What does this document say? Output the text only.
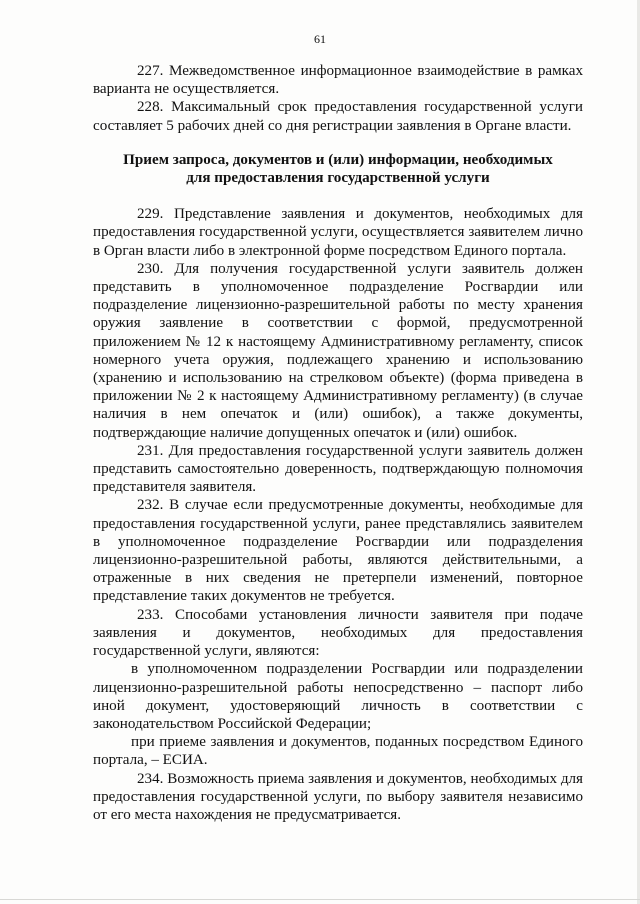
61

227. Межведомственное информационное взаимодействие в рамках варианта не осуществляется.

228. Максимальный срок предоставления государственной услуги составляет 5 рабочих дней со дня регистрации заявления в Органе власти.

Прием запроса, документов и (или) информации, необходимых
для предоставления государственной услуги

229. Представление заявления и документов, необходимых для предоставления государственной услуги, осуществляется заявителем лично в Орган власти либо в электронной форме посредством Единого портала.

230. Для получения государственной услуги заявитель должен представить в уполномоченное подразделение Росгвардии или подразделение лицензионно-разрешительной работы по месту хранения оружия заявление в соответствии с формой, предусмотренной приложением № 12 к настоящему Административному регламенту, список номерного учета оружия, подлежащего хранению и использованию (хранению и использованию на стрелковом объекте) (форма приведена в приложении № 2 к настоящему Административному регламенту) (в случае наличия в нем опечаток и (или) ошибок), а также документы, подтверждающие наличие допущенных опечаток и (или) ошибок.

231. Для предоставления государственной услуги заявитель должен представить самостоятельно доверенность, подтверждающую полномочия представителя заявителя.

232. В случае если предусмотренные документы, необходимые для предоставления государственной услуги, ранее представлялись заявителем в уполномоченное подразделение Росгвардии или подразделения лицензионно-разрешительной работы, являются действительными, а отраженные в них сведения не претерпели изменений, повторное представление таких документов не требуется.

233. Способами установления личности заявителя при подаче заявления и документов, необходимых для предоставления государственной услуги, являются:

в уполномоченном подразделении Росгвардии или подразделении лицензионно-разрешительной работы непосредственно – паспорт либо иной документ, удостоверяющий личность в соответствии с законодательством Российской Федерации;

при приеме заявления и документов, поданных посредством Единого портала, – ЕСИА.

234. Возможность приема заявления и документов, необходимых для предоставления государственной услуги, по выбору заявителя независимо от его места нахождения не предусматривается.
